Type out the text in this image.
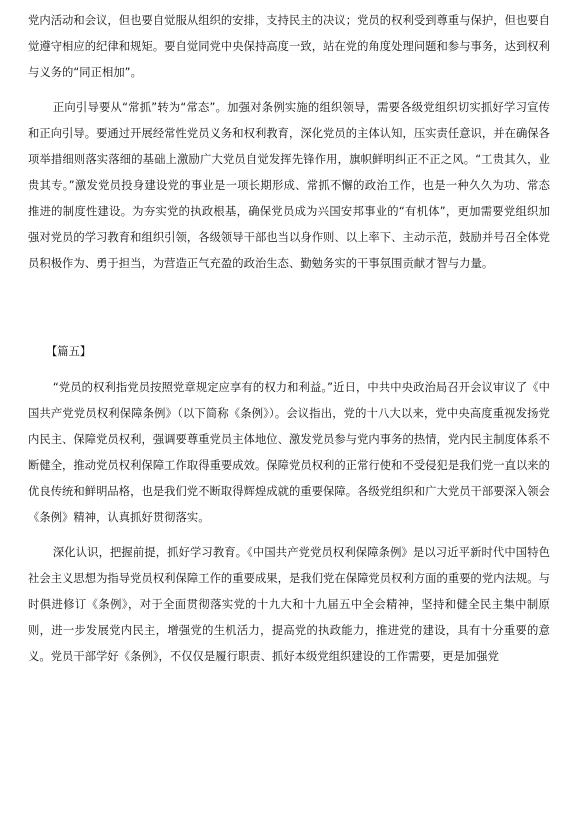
党内活动和会议，但也要自觉服从组织的安排，支持民主的决议；党员的权利受到尊重与保护，但也要自觉遵守相应的纪律和规矩。要自觉同党中央保持高度一致，站在党的角度处理问题和参与事务，达到权利与义务的“同正相加”。

正向引导要从“常抓”转为“常态”。加强对条例实施的组织领导，需要各级党组织切实抓好学习宣传和正向引导。要通过开展经常性党员义务和权利教育，深化党员的主体认知，压实责任意识，并在确保各项举措细则落实落细的基础上激励广大党员自觉发挥先锋作用，旗帜鲜明纠正不正之风。“工贵其久，业贵其专。”激发党员投身建设党的事业是一项长期形成、常抓不懈的政治工作，也是一种久久为功、常态推进的制度性建设。为夯实党的执政根基，确保党员成为兴国安邦事业的“有机体”，更加需要党组织加强对党员的学习教育和组织引领，各级领导干部也当以身作则、以上率下、主动示范，鼓励并号召全体党员积极作为、勇于担当，为营造正气充盈的政治生态、勤勉务实的干事氛围贡献才智与力量。

【篇五】

“党员的权利指党员按照党章规定应享有的权力和利益。”近日，中共中央政治局召开会议审议了《中国共产党党员权利保障条例》（以下简称《条例》）。会议指出，党的十八大以来，党中央高度重视发扬党内民主、保障党员权利，强调要尊重党员主体地位、激发党员参与党内事务的热情，党内民主制度体系不断健全，推动党员权利保障工作取得重要成效。保障党员权利的正常行使和不受侵犯是我们党一直以来的优良传统和鲜明品格，也是我们党不断取得辉煌成就的重要保障。各级党组织和广大党员干部要深入领会《条例》精神，认真抓好贯彻落实。

深化认识，把握前提，抓好学习教育。《中国共产党党员权利保障条例》是以习近平新时代中国特色社会主义思想为指导党员权利保障工作的重要成果，是我们党在保障党员权利方面的重要的党内法规。与时俱进修订《条例》，对于全面贯彻落实党的十九大和十九届五中全会精神，坚持和健全民主集中制原则，进一步发展党内民主，增强党的生机活力，提高党的执政能力，推进党的建设，具有十分重要的意义。党员干部学好《条例》，不仅仅是履行职责、抓好本级党组织建设的工作需要，更是加强党
